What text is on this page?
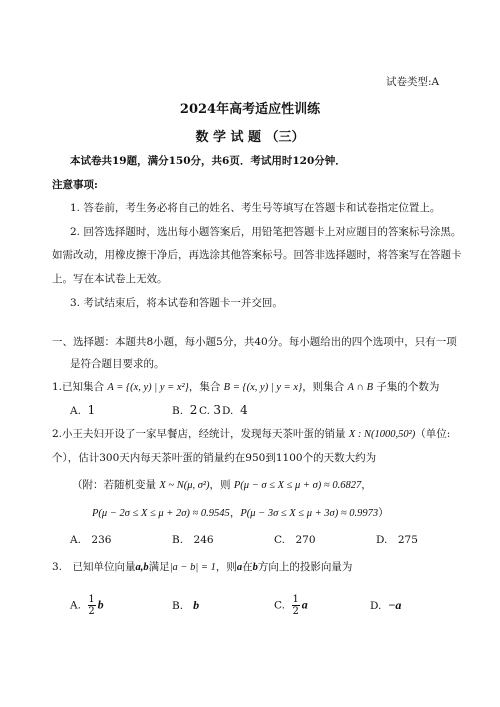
试卷类型:A
2024年高考适应性训练
数 学 试 题 （三）
本试卷共19题，满分150分，共6页．考试用时120分钟．
注意事项:
1. 答卷前，考生务必将自己的姓名、考生号等填写在答题卡和试卷指定位置上。
2. 回答选择题时，选出每小题答案后，用铅笔把答题卡上对应题目的答案标号涂黑。
如需改动，用橡皮擦干净后，再选涂其他答案标号。回答非选择题时，将答案写在答题卡
上。写在本试卷上无效。
3. 考试结束后，将本试卷和答题卡一并交回。
一、选择题：本题共8小题，每小题5分，共40分。每小题给出的四个选项中，只有一项
是符合题目要求的。
1.已知集合 A = {(x, y) | y = x²}，集合 B = {(x, y) | y = x}，则集合 A ∩ B 子集的个数为
A. 1	B. 2 C. 3 D. 4
2.小王夫妇开设了一家早餐店，经统计，发现每天茶叶蛋的销量 X : N(1000,50²)（单位:
个），估计300天内每天茶叶蛋的销量约在950到1100个的天数大约为
（附：若随机变量 X ~ N(μ, σ²)，则 P(μ − σ ≤ X ≤ μ + σ) ≈ 0.6827，
P(μ − 2σ ≤ X ≤ μ + 2σ) ≈ 0.9545，P(μ − 3σ ≤ X ≤ μ + 3σ) ≈ 0.9973）
A.　236	B.　246	C.　270	D.　275
3.　已知单位向量a,b满足|a − b| = 1，则a在b方向上的投影向量为
A. $\frac{1}{2}$ b	B. b	C. $\frac{1}{2}$ a	D. −a
